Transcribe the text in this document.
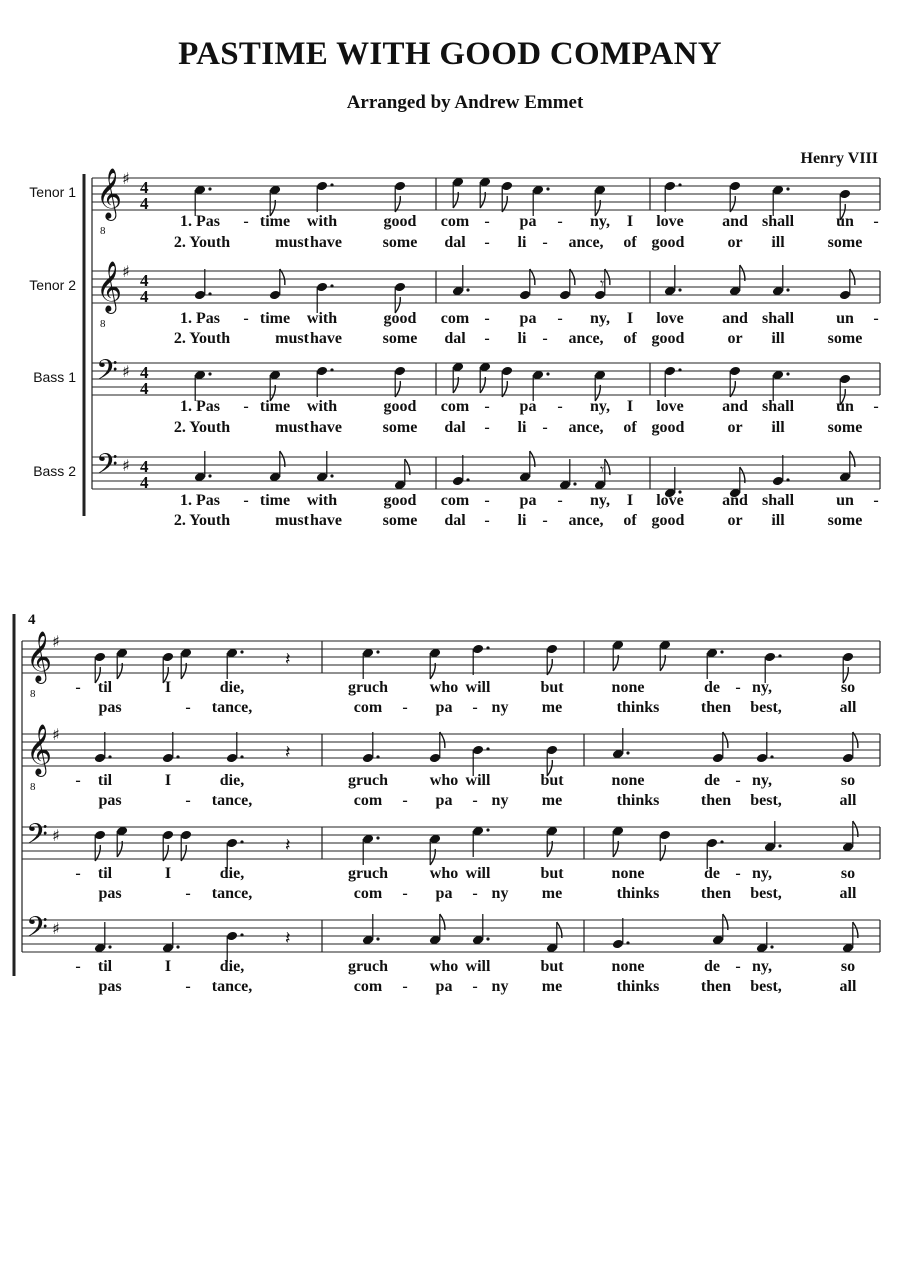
PASTIME WITH GOOD COMPANY
Arranged by Andrew Emmet
Henry VIII
4
Tenor 1
Tenor 2
Bass 1
Bass 2
𝄞
8
♯ 4
4
𝄾
𝄞
8
♯ 4
4
𝄾
𝄢 ♯ 4
4
𝄾
𝄢 ♯ 4
4
𝄾
𝄞
8
♯
𝄽
𝄞
8
♯
𝄽
𝄢 ♯	𝄽
𝄢 ♯	𝄽
1. Pas - time with	good com - pa - ny, I love and shall	un -
2. Youth	must have	some dal - li - ance, of good	or ill	some
1. Pas - time with	good com - pa - ny, I love and shall	un -
2. Youth	must have	some dal - li - ance, of good	or ill	some
1. Pas - time with	good com - pa - ny, I love and shall	un -
2. Youth	must have	some dal - li - ance, of good	or ill	some
1. Pas - time with	good com - pa - ny, I love and shall	un -
2. Youth	must have	some dal - li - ance, of good	or ill	some
- til	I	die,	gruch	who will	but	none	de - ny,	so
pas	- tance,	com - pa - ny me	thinks	then best,	all
- til	I	die,	gruch	who will	but	none	de - ny,	so
pas	- tance,	com - pa - ny me	thinks	then best,	all
- til	I	die,	gruch	who will	but	none	de - ny,	so
pas	- tance,	com - pa - ny me	thinks	then best,	all
- til	I	die,	gruch	who will	but	none	de - ny,	so
pas	- tance,	com - pa - ny me	thinks	then best,	all
